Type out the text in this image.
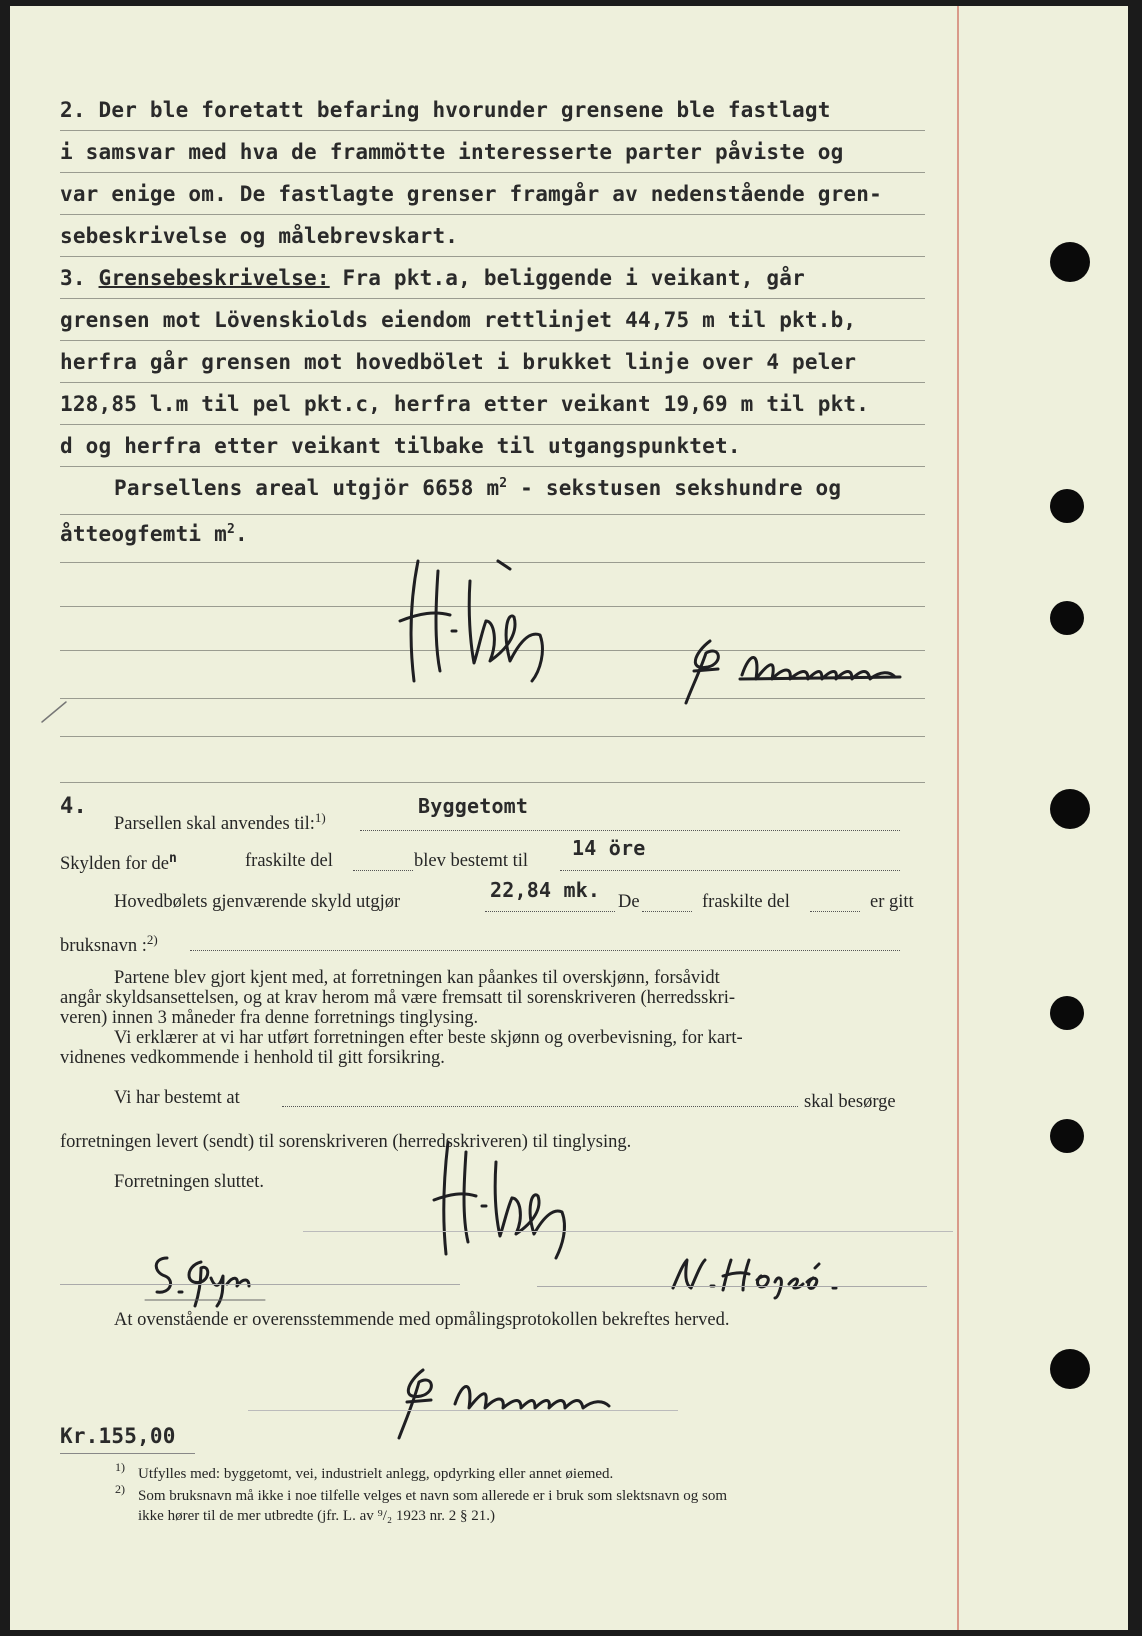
2. Der ble foretatt befaring hvorunder grensene ble fastlagt
i samsvar med hva de frammötte interesserte parter påviste og
var enige om. De fastlagte grenser framgår av nedenstående gren-
sebeskrivelse og målebrevskart.
3. Grensebeskrivelse: Fra pkt.a, beliggende i veikant, går
grensen mot Lövenskiolds eiendom rettlinjet 44,75 m til pkt.b,
herfra går grensen mot hovedbölet i brukket linje over 4 peler
128,85 l.m til pel pkt.c, herfra etter veikant 19,69 m til pkt.
d og herfra etter veikant tilbake til utgangspunktet.
Parsellens areal utgjör 6658 $m^2$ - sekstusen sekshundre og
åtteogfemti $m^2$.
4.
Parsellen skal anvendes til:$^{1)}$	Byggetomt
Skylden for $de^n$	fraskilte del	blev bestemt til
14 öre
Hovedbølets gjenværende skyld utgjør	22,84 mk. De	fraskilte del	er gitt
bruksnavn :$^{2)}$
Partene blev gjort kjent med, at forretningen kan påankes til overskjønn, forsåvidt
angår skyldsansettelsen, og at krav herom må være fremsatt til sorenskriveren (herredsskri-
veren) innen 3 måneder fra denne forretnings tinglysing.
Vi erklærer at vi har utført forretningen efter beste skjønn og overbevisning, for kart-
vidnenes vedkommende i henhold til gitt forsikring.
Vi har bestemt at	skal besørge
forretningen levert (sendt) til sorenskriveren (herredsskriveren) til tinglysing.
Forretningen sluttet.
At ovenstående er overensstemmende med opmålingsprotokollen bekreftes herved.
Kr.155,00
1) Utfylles med: byggetomt, vei, industrielt anlegg, opdyrking eller annet øiemed.
2) Som bruksnavn må ikke i noe tilfelle velges et navn som allerede er i bruk som slektsnavn og som
ikke hører til de mer utbredte (jfr. L. av ⁹/₂ 1923 nr. 2 § 21.)
